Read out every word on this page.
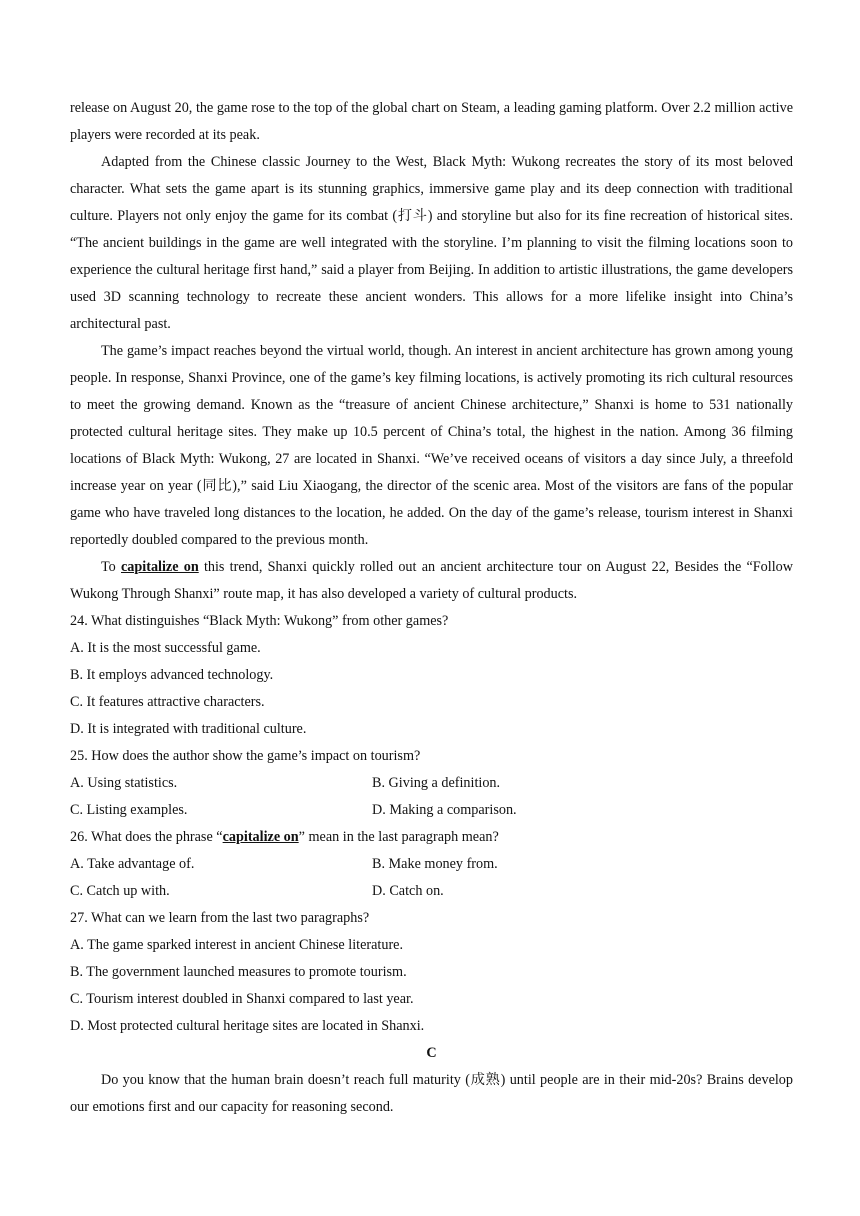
release on August 20, the game rose to the top of the global chart on Steam, a leading gaming platform. Over 2.2 million active players were recorded at its peak.

Adapted from the Chinese classic Journey to the West, Black Myth: Wukong recreates the story of its most beloved character. What sets the game apart is its stunning graphics, immersive game play and its deep connection with traditional culture. Players not only enjoy the game for its combat (打斗) and storyline but also for its fine recreation of historical sites. “The ancient buildings in the game are well integrated with the storyline. I’m planning to visit the filming locations soon to experience the cultural heritage first hand,” said a player from Beijing. In addition to artistic illustrations, the game developers used 3D scanning technology to recreate these ancient wonders. This allows for a more lifelike insight into China’s architectural past.

The game’s impact reaches beyond the virtual world, though. An interest in ancient architecture has grown among young people. In response, Shanxi Province, one of the game’s key filming locations, is actively promoting its rich cultural resources to meet the growing demand. Known as the “treasure of ancient Chinese architecture,” Shanxi is home to 531 nationally protected cultural heritage sites. They make up 10.5 percent of China’s total, the highest in the nation. Among 36 filming locations of Black Myth: Wukong, 27 are located in Shanxi. “We’ve received oceans of visitors a day since July, a threefold increase year on year (同比),” said Liu Xiaogang, the director of the scenic area. Most of the visitors are fans of the popular game who have traveled long distances to the location, he added. On the day of the game’s release, tourism interest in Shanxi reportedly doubled compared to the previous month.

To capitalize on this trend, Shanxi quickly rolled out an ancient architecture tour on August 22, Besides the “Follow Wukong Through Shanxi” route map, it has also developed a variety of cultural products.

24. What distinguishes “Black Myth: Wukong” from other games?

A. It is the most successful game.

B. It employs advanced technology.

C. It features attractive characters.

D. It is integrated with traditional culture.

25. How does the author show the game’s impact on tourism?

A. Using statistics.	B. Giving a definition.
C. Listing examples.	D. Making a comparison.

26. What does the phrase “capitalize on” mean in the last paragraph mean?

A. Take advantage of.	B. Make money from.
C. Catch up with.	D. Catch on.

27. What can we learn from the last two paragraphs?

A. The game sparked interest in ancient Chinese literature.

B. The government launched measures to promote tourism.

C. Tourism interest doubled in Shanxi compared to last year.

D. Most protected cultural heritage sites are located in Shanxi.

C

Do you know that the human brain doesn’t reach full maturity (成熟) until people are in their mid-20s? Brains develop our emotions first and our capacity for reasoning second.
